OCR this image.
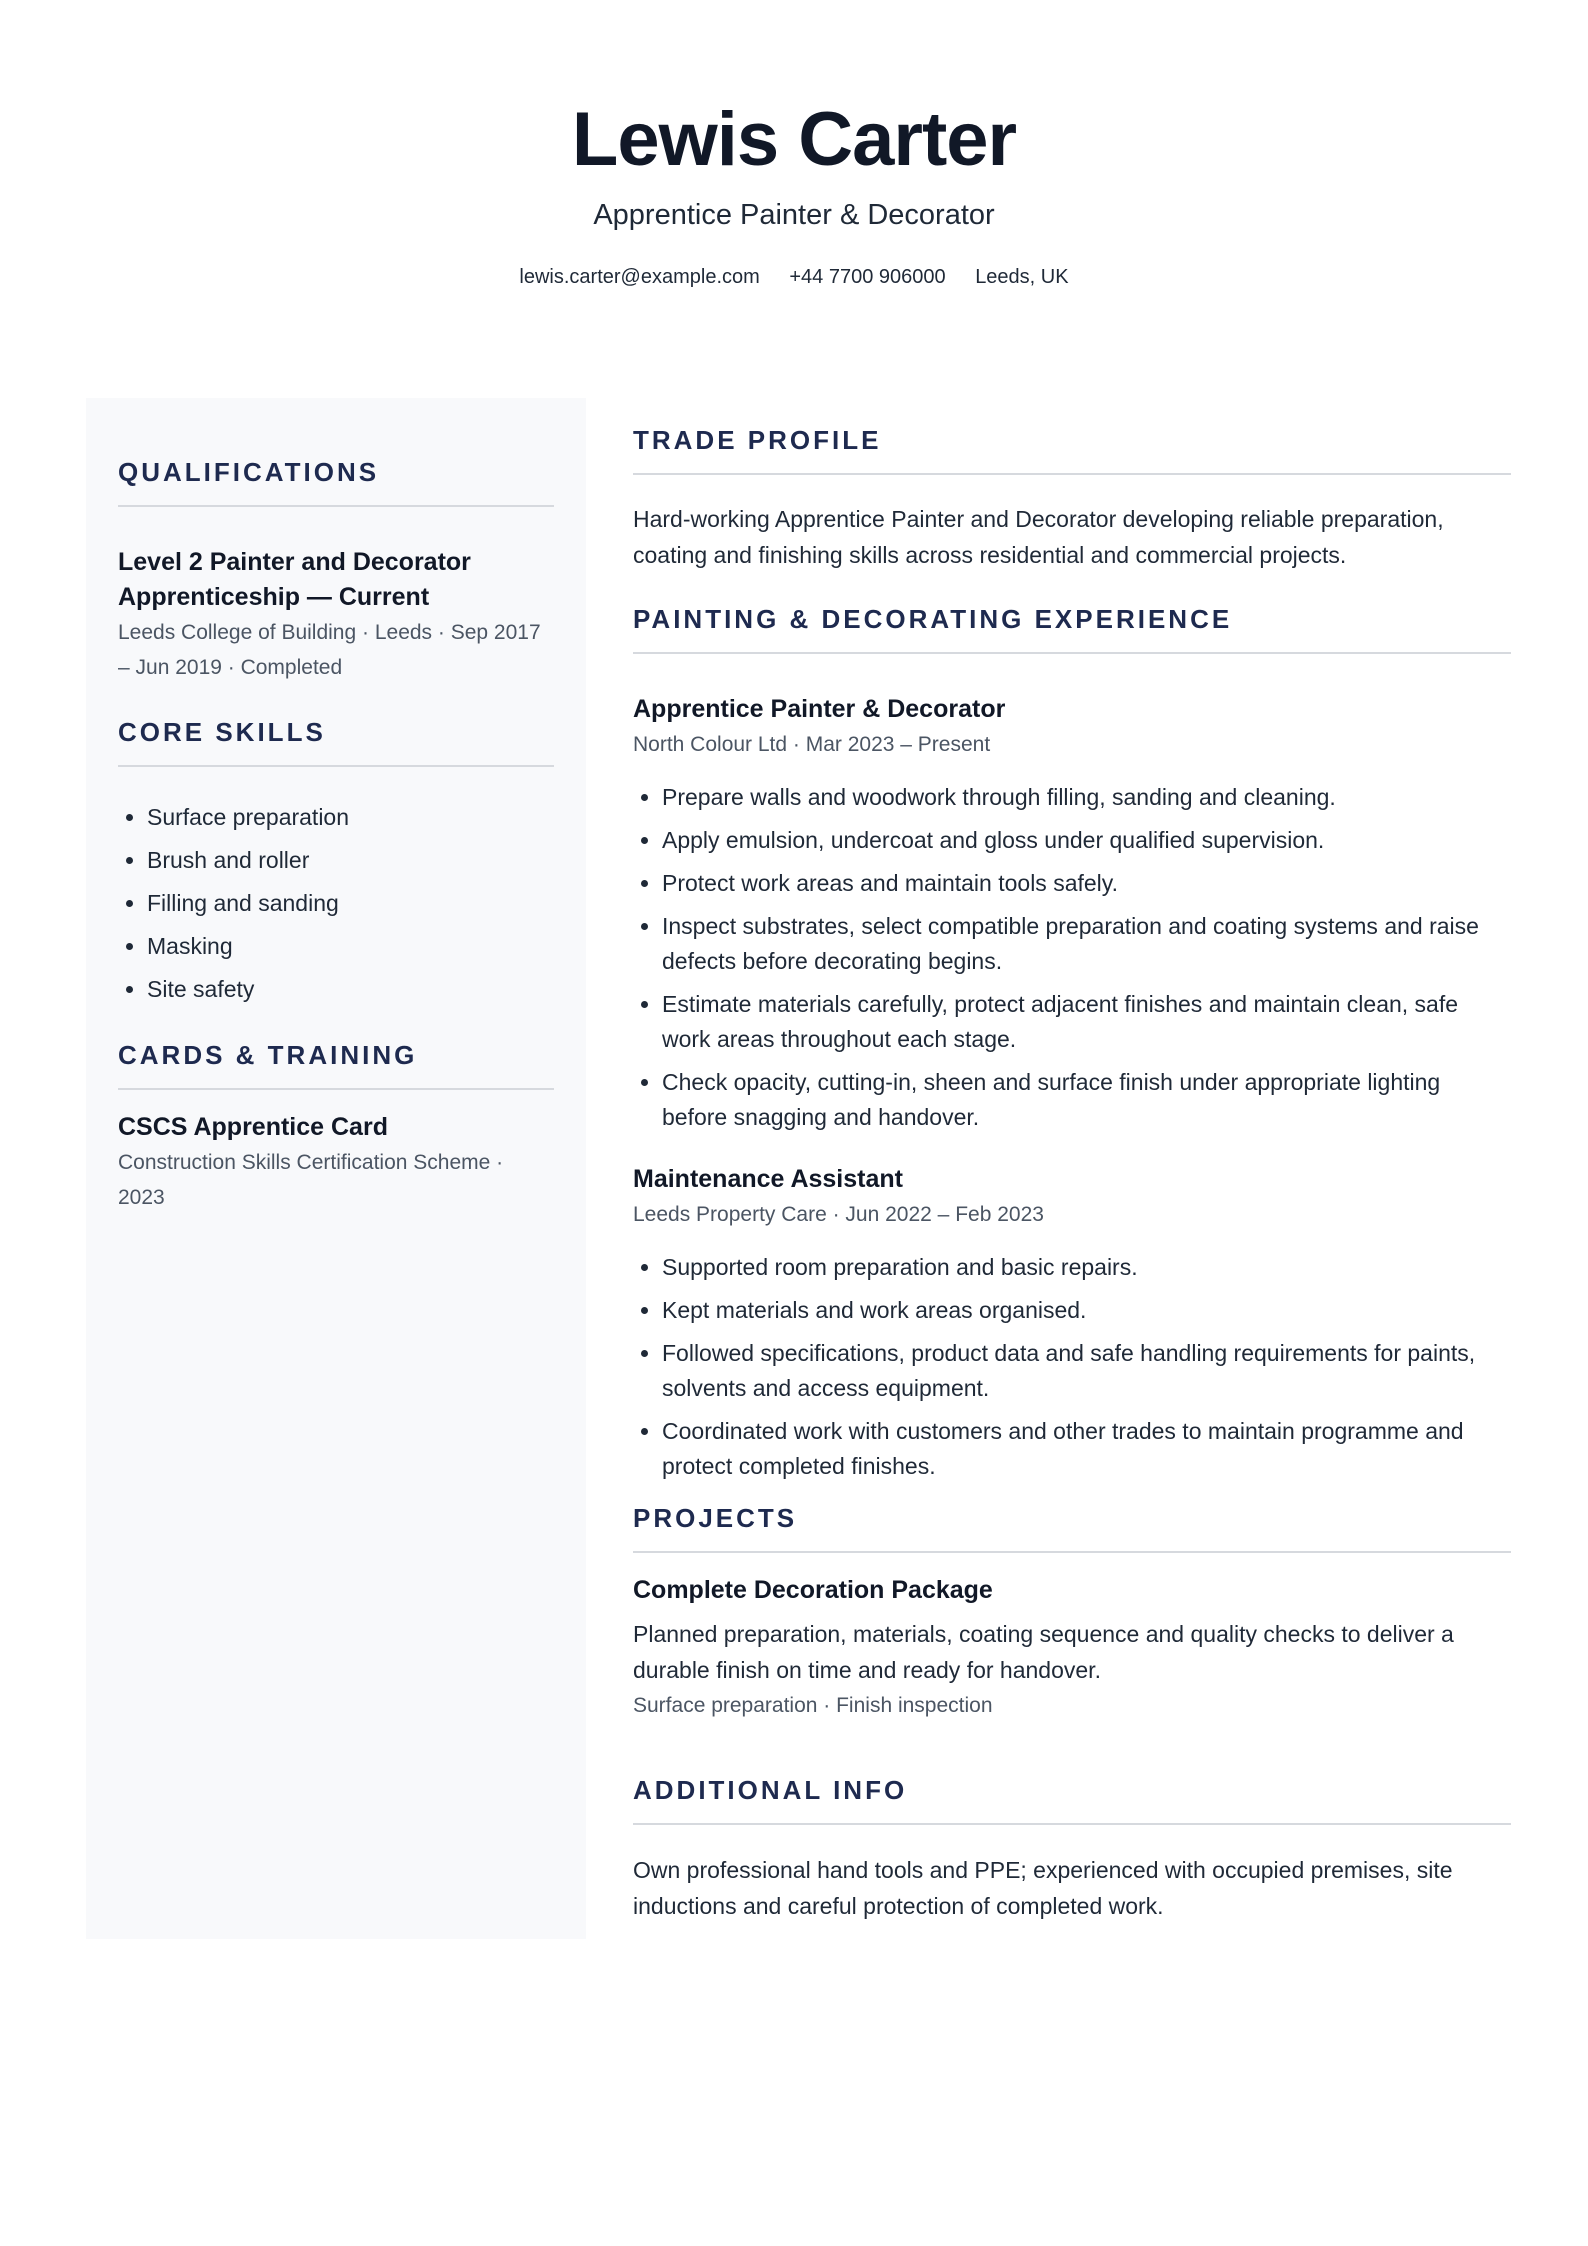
Lewis Carter
Apprentice Painter & Decorator
lewis.carter@example.com +44 7700 906000 Leeds, UK
QUALIFICATIONS
Level 2 Painter and Decorator Apprenticeship — Current
Leeds College of Building · Leeds · Sep 2017 – Jun 2019 · Completed
CORE SKILLS
• Surface preparation
• Brush and roller
• Filling and sanding
• Masking
• Site safety
CARDS & TRAINING
CSCS Apprentice Card
Construction Skills Certification Scheme · 2023
TRADE PROFILE
Hard-working Apprentice Painter and Decorator developing reliable preparation, coating and finishing skills across residential and commercial projects.
PAINTING & DECORATING EXPERIENCE
Apprentice Painter & Decorator
North Colour Ltd · Mar 2023 – Present
• Prepare walls and woodwork through filling, sanding and cleaning.
• Apply emulsion, undercoat and gloss under qualified supervision.
• Protect work areas and maintain tools safely.
• Inspect substrates, select compatible preparation and coating systems and raise defects before decorating begins.
• Estimate materials carefully, protect adjacent finishes and maintain clean, safe work areas throughout each stage.
• Check opacity, cutting-in, sheen and surface finish under appropriate lighting before snagging and handover.
Maintenance Assistant
Leeds Property Care · Jun 2022 – Feb 2023
• Supported room preparation and basic repairs.
• Kept materials and work areas organised.
• Followed specifications, product data and safe handling requirements for paints, solvents and access equipment.
• Coordinated work with customers and other trades to maintain programme and protect completed finishes.
PROJECTS
Complete Decoration Package
Planned preparation, materials, coating sequence and quality checks to deliver a durable finish on time and ready for handover.
Surface preparation · Finish inspection
ADDITIONAL INFO
Own professional hand tools and PPE; experienced with occupied premises, site inductions and careful protection of completed work.
